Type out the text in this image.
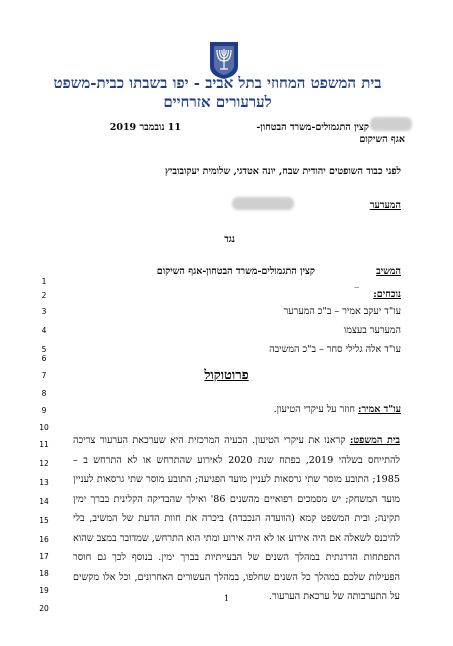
בית המשפט המחוזי בתל אביב - יפו בשבתו כבית-משפט
לערעורים אזרחיים
11 נובמבר 2019	קצין התגמולים-משרד הבטחון-
אגף השיקום
לפני כבוד השופטים יהודית שבח, יונה אטדגי, שלומית יעקובוביץ
המערער
נגד
קצין התגמולים-משרד הבטחון-אגף השיקום	המשיב
_
נוכחים:
עו"ד יעקב אמיר – ב"כ המערער
המערער בעצמו
עו"ד אלה גלילי סחר – ב"כ המשיבה
פרוטוקול
עו"ד אמיר: חוזר על עיקרי הטיעון.
בית המשפט: קראנו את עיקרי הטיעון. הבעיה המרכזית היא שערכאת הערעור צריכה להתייחס בשלהי 2019, בפתח שנת 2020 לאירוע שהתרחש או לא התרחש ב – 1985; התובע מוסר שתי גרסאות לעניין מועד הפגיעה; התובע מוסר שתי גרסאות לעניין מועד המשחק; יש מסמכים רפואיים מהשנים 86' ואילך שהבדיקה הקלינית בברך ימין תקינה; ובית המשפט קמא (הוועדה הנכבדה) ביכרה את חוות הדעת של המשיב, בלי להיכנס לשאלה אם היה אירוע או לא היה אירוע ומתי הוא התרחש, שמדובר במצב שהוא התפתחות הדרגתית במהלך השנים של הבעייתיות בברך ימין. בנוסף לכך גם חוסר הפעילות שלכם במהלך כל השנים שחלפו, במהלך העשורים האחרונים, וכל אלו מקשים על התערבותה של ערכאת הערעור.
1
2
3
4
5
6
7
8
9
10
11
12
13
14
15
16
17
18
19
20
1
